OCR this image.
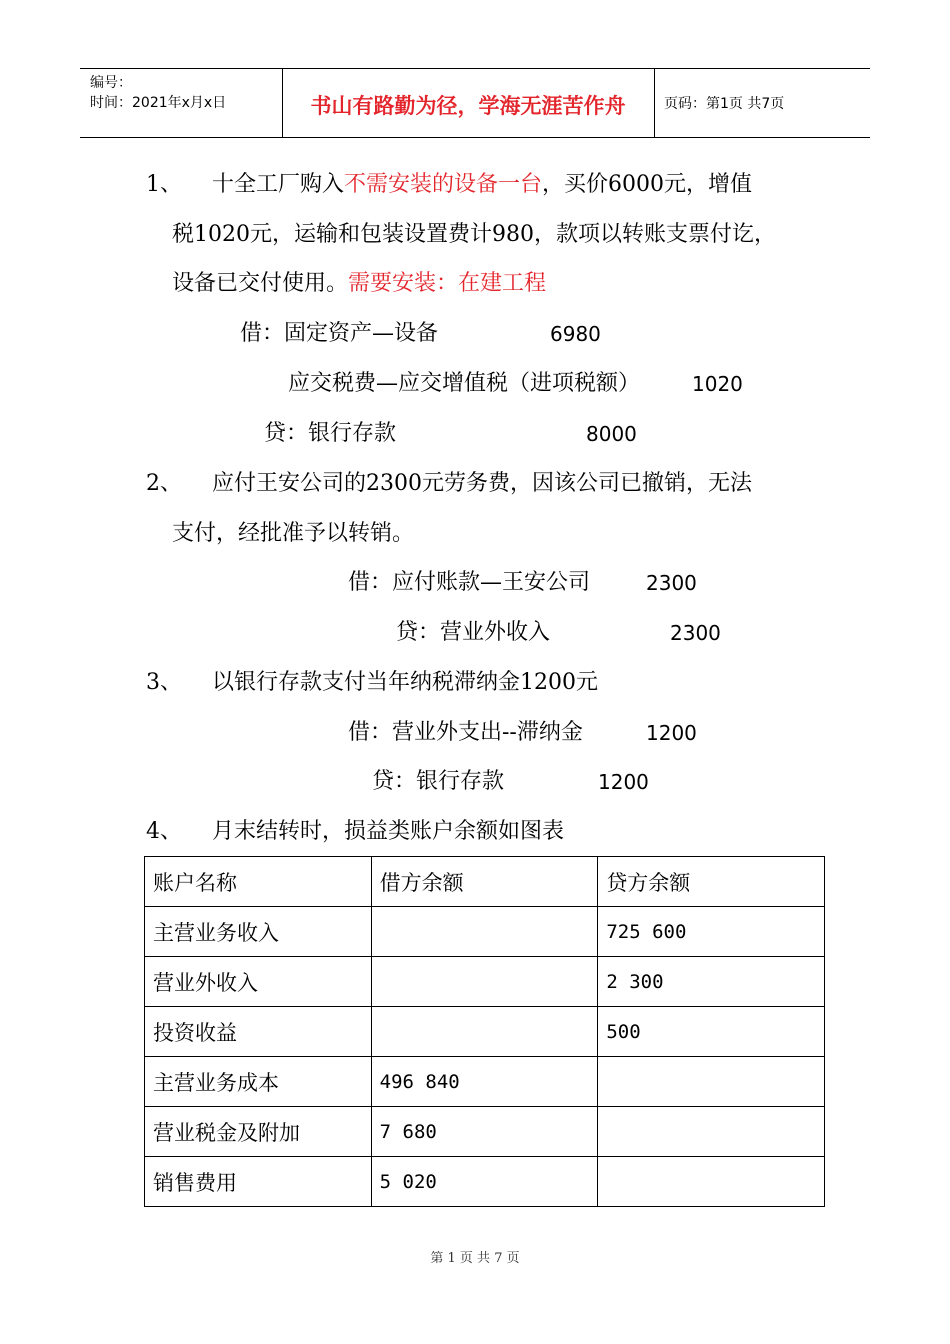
编号：
时间：2021年x月x日	书山有路勤为径，学海无涯苦作舟	页码：第1页 共7页
1、 十全工厂购入不需安装的设备一台，买价6000元，增值
税1020元，运输和包装设置费计980，款项以转账支票付讫，
设备已交付使用。需要安装：在建工程
借：固定资产—设备	6980
应交税费—应交增值税（进项税额）	1020
贷：银行存款	8000
2、 应付王安公司的2300元劳务费，因该公司已撤销，无法
支付，经批准予以转销。
借：应付账款—王安公司	2300
贷：营业外收入	2300
3、 以银行存款支付当年纳税滞纳金1200元
借：营业外支出--滞纳金	1200
贷：银行存款	1200
4、 月末结转时，损益类账户余额如图表
账户名称	借方余额	贷方余额
主营业务收入		725 600
营业外收入		2 300
投资收益		500
主营业务成本	496 840	
营业税金及附加	7 680	
销售费用	5 020	
第 1 页 共 7 页
